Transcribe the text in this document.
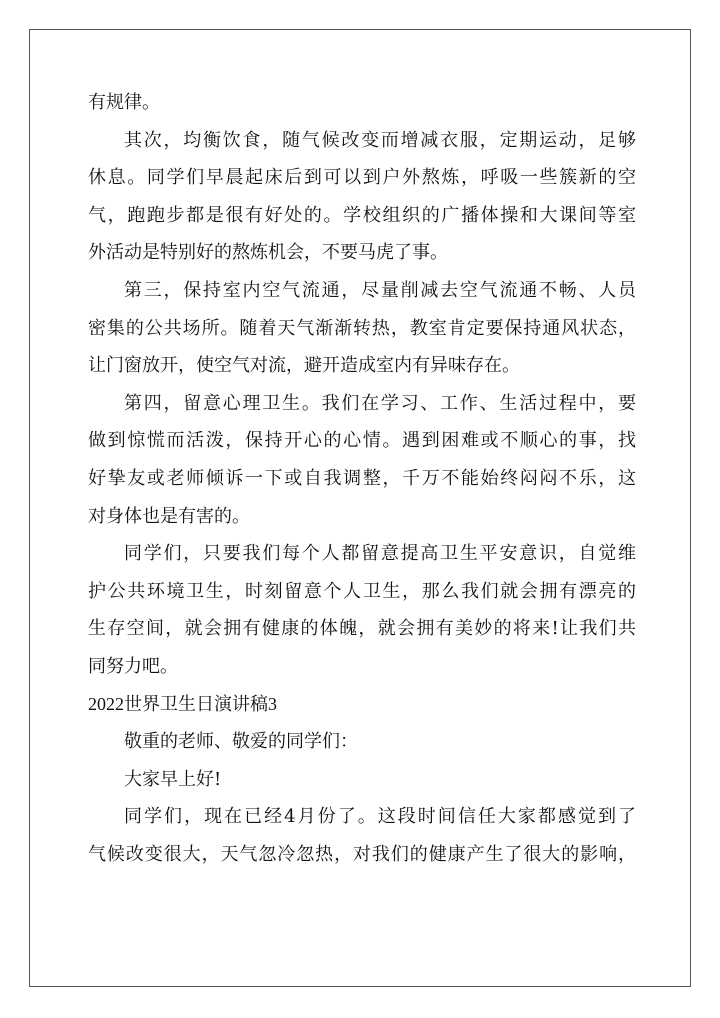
有规律。
其次，均衡饮食，随气候改变而增减衣服，定期运动，足够
休息。同学们早晨起床后到可以到户外熬炼，呼吸一些簇新的空
气，跑跑步都是很有好处的。学校组织的广播体操和大课间等室
外活动是特别好的熬炼机会，不要马虎了事。
第三，保持室内空气流通，尽量削减去空气流通不畅、人员
密集的公共场所。随着天气渐渐转热，教室肯定要保持通风状态，
让门窗放开，使空气对流，避开造成室内有异味存在。
第四，留意心理卫生。我们在学习、工作、生活过程中，要
做到惊慌而活泼，保持开心的心情。遇到困难或不顺心的事，找
好挚友或老师倾诉一下或自我调整，千万不能始终闷闷不乐，这
对身体也是有害的。
同学们，只要我们每个人都留意提高卫生平安意识，自觉维
护公共环境卫生，时刻留意个人卫生，那么我们就会拥有漂亮的
生存空间，就会拥有健康的体魄，就会拥有美妙的将来!让我们共
同努力吧。
2022世界卫生日演讲稿3
敬重的老师、敬爱的同学们：
大家早上好!
同学们，现在已经4月份了。这段时间信任大家都感觉到了
气候改变很大，天气忽冷忽热，对我们的健康产生了很大的影响，
